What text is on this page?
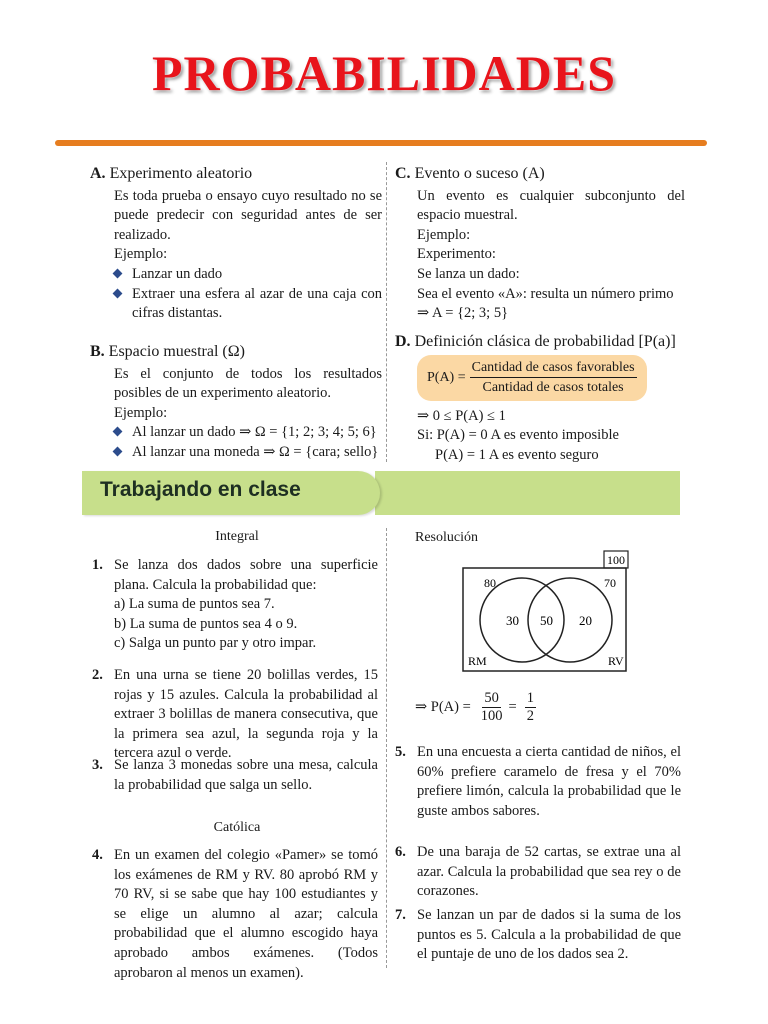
PROBABILIDADES
A. Experimento aleatorio
Es toda prueba o ensayo cuyo resultado no se puede predecir con seguridad antes de ser realizado.
Ejemplo:
Lanzar un dado
Extraer una esfera al azar de una caja con cifras distantas.
B. Espacio muestral (Ω)
Es el conjunto de todos los resultados posibles de un experimento aleatorio.
Ejemplo:
Al lanzar un dado ⇒ Ω = {1; 2; 3; 4; 5; 6}
Al lanzar una moneda ⇒ Ω = {cara; sello}
C. Evento o suceso (A)
Un evento es cualquier subconjunto del espacio muestral.
Ejemplo:
Experimento:
Se lanza un dado:
Sea el evento «A»: resulta un número primo
⇒ A = {2; 3; 5}
D. Definición clásica de probabilidad [P(a)]
$P(A) = \frac{\text{Cantidad de casos favorables}}{\text{Cantidad de casos totales}}$
⇒ 0 ≤ P(A) ≤ 1
Si: P(A) = 0 A es evento imposible
P(A) = 1 A es evento seguro
Trabajando en clase
Integral
1. Se lanza dos dados sobre una superficie plana. Calcula la probabilidad que:
a) La suma de puntos sea 7.
b) La suma de puntos sea 4 o 9.
c) Salga un punto par y otro impar.
2. En una urna se tiene 20 bolillas verdes, 15 rojas y 15 azules. Calcula la probabilidad al extraer 3 bolillas de manera consecutiva, que la primera sea azul, la segunda roja y la tercera azul o verde.
3. Se lanza 3 monedas sobre una mesa, calcula la probabilidad que salga un sello.
Católica
4. En un examen del colegio «Pamer» se tomó los exámenes de RM y RV. 80 aprobó RM y 70 RV, si se sabe que hay 100 estudiantes y se elige un alumno al azar; calcula probabilidad que el alumno escogido haya aprobado ambos exámenes. (Todos aprobaron al menos un examen).
Resolución
100
80	70
30 50 20
RM	RV
⇒ $P(A) = \frac{50}{100} = \frac{1}{2}$
5. En una encuesta a cierta cantidad de niños, el 60% prefiere caramelo de fresa y el 70% prefiere limón, calcula la probabilidad que le guste ambos sabores.
6. De una baraja de 52 cartas, se extrae una al azar. Calcula la probabilidad que sea rey o de corazones.
7. Se lanzan un par de dados si la suma de los puntos es 5. Calcula a la probabilidad de que el puntaje de uno de los dados sea 2.
